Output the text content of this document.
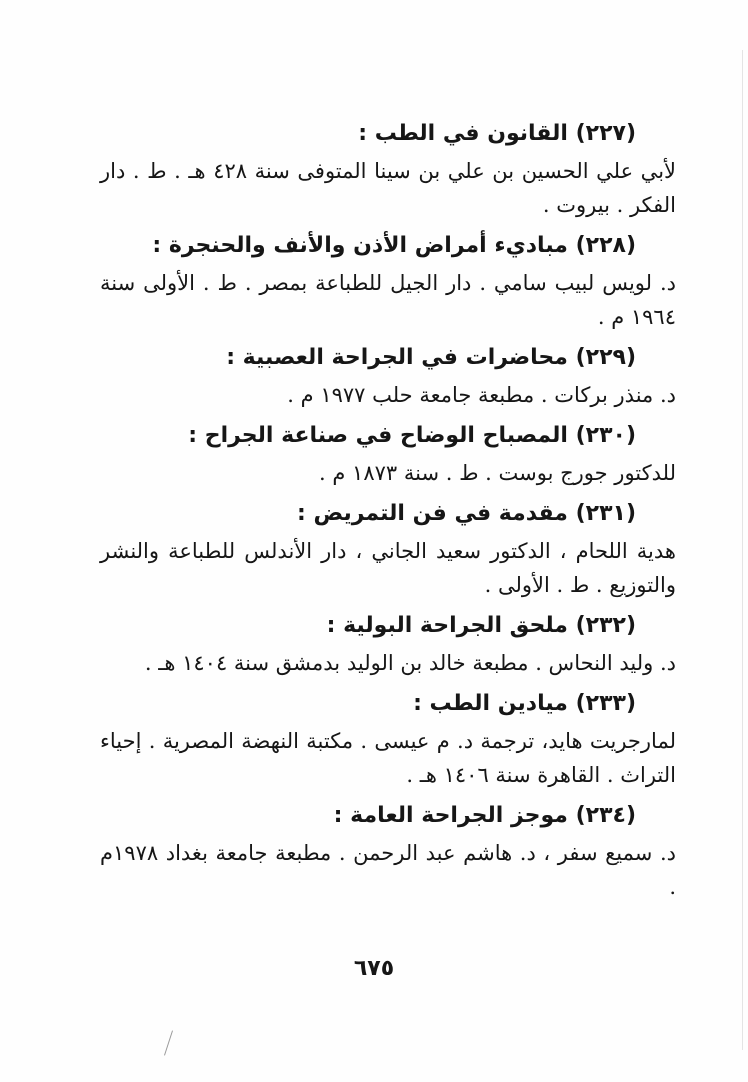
(٢٢٧) القانون في الطب :
لأبي علي الحسين بن علي بن سينا المتوفى سنة ٤٢٨ هـ . ط . دار الفكر . بيروت .
(٢٢٨) مباديء أمراض الأذن والأنف والحنجرة :
د. لويس لبيب سامي . دار الجيل للطباعة بمصر . ط . الأولى سنة ١٩٦٤ م .
(٢٢٩) محاضرات في الجراحة العصبية :
د. منذر بركات . مطبعة جامعة حلب ١٩٧٧ م .
(٢٣٠) المصباح الوضاح في صناعة الجراح :
للدكتور جورج بوست . ط . سنة ١٨٧٣ م .
(٢٣١) مقدمة في فن التمريض :
هدية اللحام ، الدكتور سعيد الجاني ، دار الأندلس للطباعة والنشر والتوزيع . ط . الأولى .
(٢٣٢) ملحق الجراحة البولية :
د. وليد النحاس . مطبعة خالد بن الوليد بدمشق سنة ١٤٠٤ هـ .
(٢٣٣) ميادين الطب :
لمارجريت هايد، ترجمة د. م عيسى . مكتبة النهضة المصرية . إحياء التراث . القاهرة سنة ١٤٠٦ هـ .
(٢٣٤) موجز الجراحة العامة :
د. سميع سفر ، د. هاشم عبد الرحمن . مطبعة جامعة بغداد ١٩٧٨م .
٦٧٥
